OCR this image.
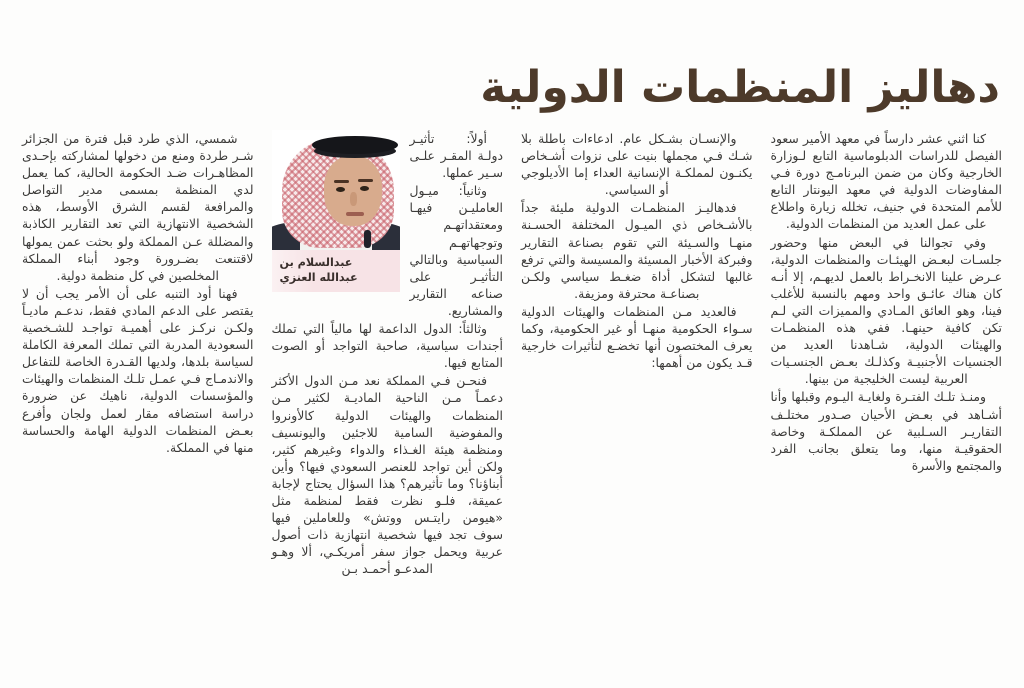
دهاليز المنظمات الدولية

كنا اثني عشر دارساً في معهد الأمير سعود الفيصل للدراسات الدبلوماسية التابع لـوزارة الخارجية وكان من ضمن البرنامـج دورة فـي المفاوضات الدولية في معهد اليونتار التابع للأمم المتحدة في جنيف، تخلله زيارة واطلاع على عمل العديد من المنظمات الدولية.

وفي تجوالنا في البعض منها وحضور جلسـات لبعـض الهيئـات والمنظمات الدولية، عـرض علينا الانخـراط بالعمل لديهـم، إلا أنـه كان هناك عائـق واحد ومهم بالنسبة للأغلب فينا، وهو العائق المـادي والمميزات التي لـم تكن كافية حينهـا. ففي هذه المنظمـات والهيئات الدولية، شـاهدنا العديد من الجنسيات الأجنبيـة وكذلـك بعـض الجنسـيات العربية ليست الخليجية من بينها.

ومنـذ تلـك الفتـرة ولغايـة اليـوم وقبلها وأنا أشـاهد في بعـض الأحيان صـدور مختلـف التقاريـر السـلبية عن المملكـة وخاصة الحقوقيـة منها، وما يتعلق بجانب الفرد والمجتمع والأسرة

والإنسـان بشـكل عام. ادعاءات باطلة بلا شـك فـي مجملها بنيت على نزوات أشـخاص يكنـون لمملكـة الإنسانية العداء إما الأديلوجي أو السياسي.

فدهاليـز المنظمـات الدولية مليئة جداً بالأشـخاص ذي الميـول المختلفة الحسـنة منهـا والسـيئة التي تقوم بصناعة التقارير وفبركة الأخبار المسيئة والمسيسة والتي ترفع غالبها لتشكل أداة ضغـط سياسي ولكـن بصناعـة محترفة ومزيفة.

فالعديد مـن المنظمات والهيئات الدولية سـواء الحكومية منهـا أو غير الحكومية، وكما يعرف المختصون أنها تخضـع لتأثيرات خارجية قـد يكون من أهمها:

عبدالسلام بن
عبدالله العنزي

أولاً: تأثيـر دولـة المقـر علـى سـير عملها.

وثانياً: ميـول العامليـن فيهـا ومعتقداتهـم وتوجهاتهـم السياسية وبالتالي التأثيـر على صناعه التقارير والمشاريع.

وثالثاً: الدول الداعمة لها مالياً التي تملك أجندات سياسية، صاحبة التواجد أو الصوت المتابع فيها.

فنحـن فـي المملكة نعد مـن الدول الأكثر دعمـاً مـن الناحية الماديـة لكثير مـن المنظمات والهيئات الدولية كالأونروا والمفوضية السامية للاجئين واليونسيف ومنظمة هيئة الغـذاء والدواء وغيرهم كثير، ولكن أين تواجد للعنصر السعودي فيها؟ وأين أبناؤنا؟ وما تأثيرهم؟ هذا السؤال يحتاج لإجابة عميقة، فلـو نظرت فقط لمنظمة مثل «هيومن رايتـس ووتش» وللعاملين فيها سوف تجد فيها شخصية انتهازية ذات أصول عربية ويحمل جواز سفر أمريكـي، ألا وهـو المدعـو أحمـد بـن

شمسي، الذي طرد قبل فترة من الجزائر شـر طردة ومنع من دخولها لمشاركته بإحـدى المظاهـرات ضـد الحكومة الحالية، كما يعمل لدي المنظمة بمسمى مدير التواصل والمرافعة لقسم الشرق الأوسط، هذه الشخصية الانتهازية التي تعد التقارير الكاذبة والمضللة عـن المملكة ولو بحثت عمن يمولها لاقتنعت بضـرورة وجود أبناء المملكة المخلصين في كل منظمة دولية.

فهنا أود التنبه على أن الأمر يجب أن لا يقتصر على الدعم المادي فقط، ندعـم ماديـاً ولكـن نركـز على أهميـة تواجـد للشـخصية السعودية المدربة التي تملك المعرفة الكاملة لسياسة بلدها، ولديها القـدرة الخاصة للتفاعل والاندمـاج فـي عمـل تلـك المنظمات والهيئات والمؤسسات الدولية، ناهيك عن ضرورة دراسة استضافه مقار لعمل ولجان وأفرع بعـض المنظمات الدولية الهامة والحساسة منها في المملكة.
